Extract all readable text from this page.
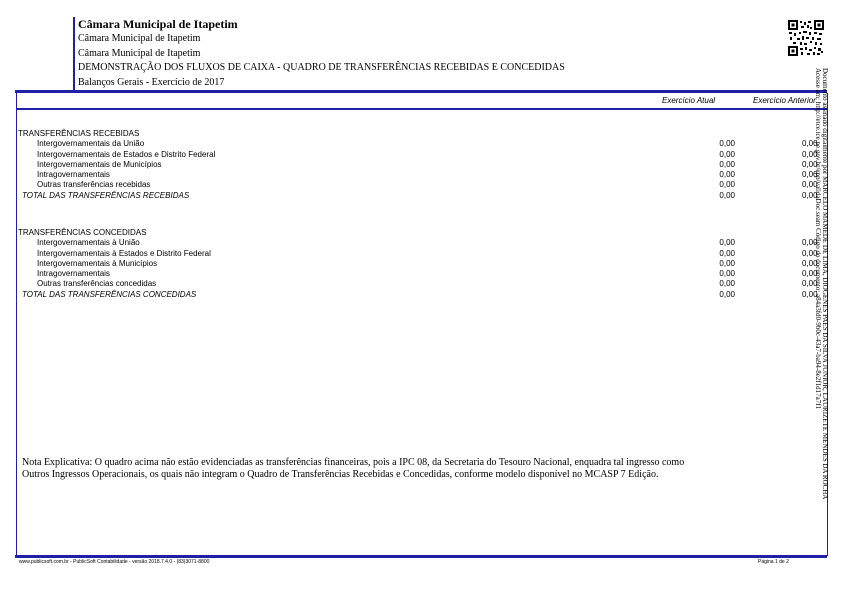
Câmara Municipal de Itapetim
Câmara Municipal de Itapetim
Câmara Municipal de Itapetim
DEMONSTRAÇÃO DOS FLUXOS DE CAIXA - QUADRO DE TRANSFERÊNCIAS RECEBIDAS E CONCEDIDAS
Balanços Gerais - Exercício de 2017
Exercício Atual	Exercício Anterior
TRANSFERÊNCIAS RECEBIDAS
Intergovernamentais da União	0,00	0,00
Intergovernamentais de Estados e Distrito Federal	0,00	0,00
Intergovernamentais de Municípios	0,00	0,00
Intragovernamentais	0,00	0,00
Outras transferências recebidas	0,00	0,00
TOTAL DAS TRANSFERÊNCIAS RECEBIDAS	0,00	0,00
TRANSFERÊNCIAS CONCEDIDAS
Intergovernamentais à União	0,00	0,00
Intergovernamentais à Estados e Distrito Federal	0,00	0,00
Intergovernamentais à Municípios	0,00	0,00
Intragovernamentais	0,00	0,00
Outras transferências concedidas	0,00	0,00
TOTAL DAS TRANSFERÊNCIAS CONCEDIDAS	0,00	0,00
Nota Explicativa: O quadro acima não estão evidenciadas as transferências financeiras, pois a IPC 08, da Secretaria do Tesouro Nacional, enquadra tal ingresso como
Outros Ingressos Operacionais, os quais não integram o Quadro de Transferências Recebidas e Concedidas, conforme modelo disponível no MCASP 7 Edição.
www.publicsoft.com.br - PublicSoft Contabilidade - versão 2018.7.4.0 - (83)3071-8800	Página 1 de 2
Documento assinado digitalmente por MARCELO MAMEDE DE LIMA, DIOGENES PAES DA SILVA JUNIOR, LAURIZETE MENDES DA ROCHA
Acesse em: http://etce.tce.pe.gov.br/epp/validaDoc.seam Código do documento: a84a3fd0-9b0c-43a7-ba94-8e2f1d17a7f1
